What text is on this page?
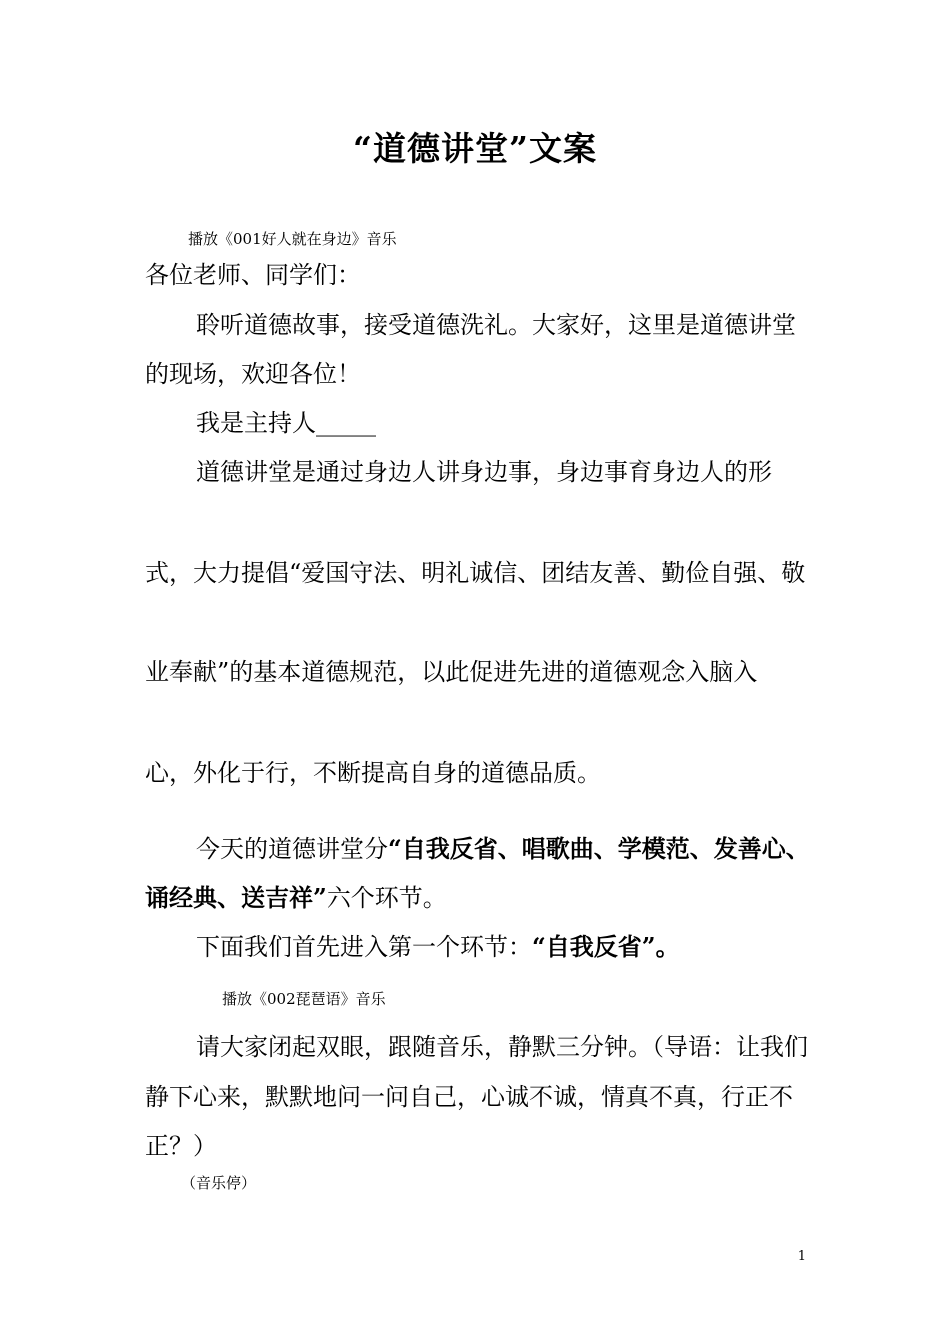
“道德讲堂”文案

播放《001好人就在身边》音乐

各位老师、同学们：

聆听道德故事，接受道德洗礼。大家好，这里是道德讲堂

的现场，欢迎各位！

我是主持人_____

道德讲堂是通过身边人讲身边事，身边事育身边人的形

式，大力提倡“爱国守法、明礼诚信、团结友善、勤俭自强、敬

业奉献”的基本道德规范，以此促进先进的道德观念入脑入

心，外化于行，不断提高自身的道德品质。

今天的道德讲堂分“自我反省、唱歌曲、学模范、发善心、

诵经典、送吉祥”六个环节。

下面我们首先进入第一个环节：“自我反省”。

播放《002琵琶语》音乐

请大家闭起双眼，跟随音乐，静默三分钟。（导语：让我们

静下心来，默默地问一问自己，心诚不诚，情真不真，行正不

正？）

（音乐停）

1
